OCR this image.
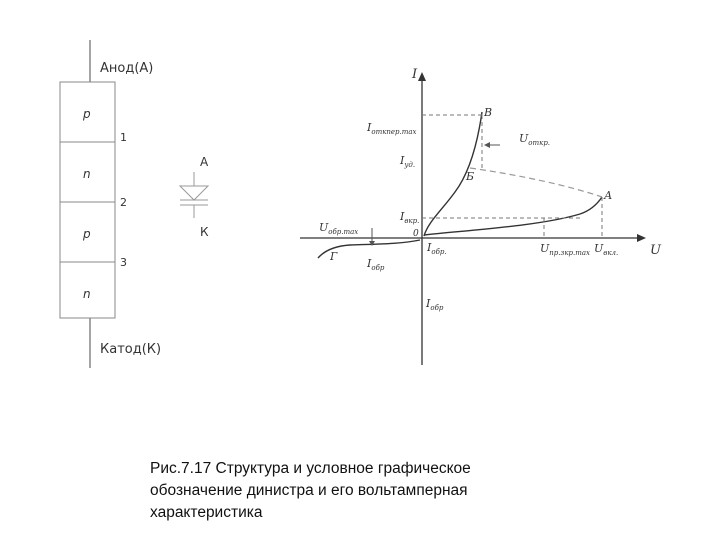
Анод(А)
Катод(К)
p
n
p
n
1
2
3
А
К
I
U
$I_{откпер.max}$	$U_{откр.}$
$I_{уд.}$
$I_{вкр.}$
$U_{обр.max}$
$I_{обр}$
$I_{обр.}$
$I_{обр}$
$U_{пр.зкр.max}$ $U_{вкл.}$
В
Б
А
Г
0

Рис.7.17 Структура и условное графическое
обозначение динистра и его вольтамперная
характеристика
